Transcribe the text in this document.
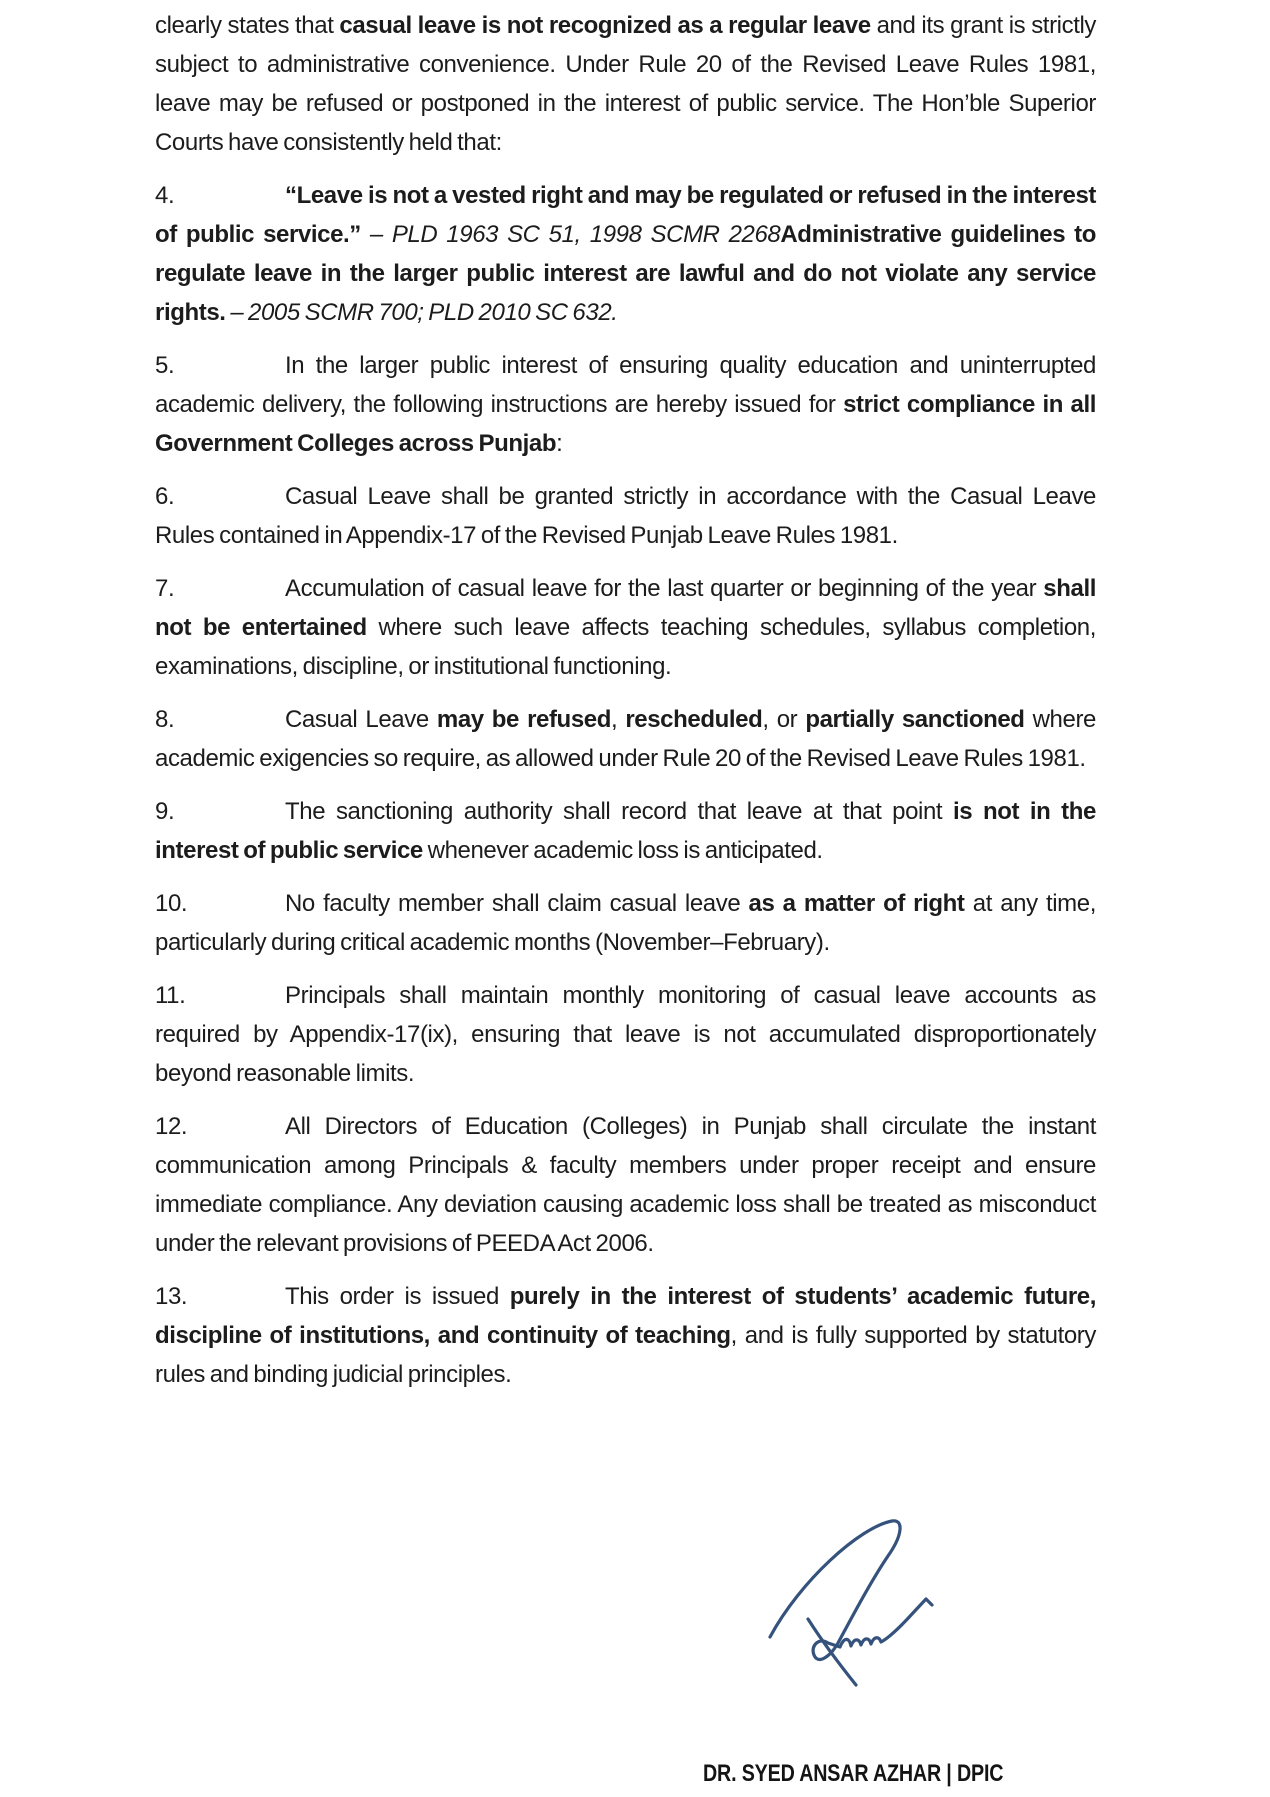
clearly states that casual leave is not recognized as a regular leave and its grant is strictly subject to administrative convenience. Under Rule 20 of the Revised Leave Rules 1981, leave may be refused or postponed in the interest of public service. The Hon’ble Superior Courts have consistently held that:
4.	“Leave is not a vested right and may be regulated or refused in the interest of public service.” – PLD 1963 SC 51, 1998 SCMR 2268Administrative guidelines to regulate leave in the larger public interest are lawful and do not violate any service rights. – 2005 SCMR 700; PLD 2010 SC 632.
5.	In the larger public interest of ensuring quality education and uninterrupted academic delivery, the following instructions are hereby issued for strict compliance in all Government Colleges across Punjab:
6.	Casual Leave shall be granted strictly in accordance with the Casual Leave Rules contained in Appendix-17 of the Revised Punjab Leave Rules 1981.
7.	Accumulation of casual leave for the last quarter or beginning of the year shall not be entertained where such leave affects teaching schedules, syllabus completion, examinations, discipline, or institutional functioning.
8.	Casual Leave may be refused, rescheduled, or partially sanctioned where academic exigencies so require, as allowed under Rule 20 of the Revised Leave Rules 1981.
9.	The sanctioning authority shall record that leave at that point is not in the interest of public service whenever academic loss is anticipated.
10.	No faculty member shall claim casual leave as a matter of right at any time, particularly during critical academic months (November–February).
11.	Principals shall maintain monthly monitoring of casual leave accounts as required by Appendix-17(ix), ensuring that leave is not accumulated disproportionately beyond reasonable limits.
12.	All Directors of Education (Colleges) in Punjab shall circulate the instant communication among Principals & faculty members under proper receipt and ensure immediate compliance. Any deviation causing academic loss shall be treated as misconduct under the relevant provisions of PEEDA Act 2006.
13.	This order is issued purely in the interest of students’ academic future, discipline of institutions, and continuity of teaching, and is fully supported by statutory rules and binding judicial principles.
DR. SYED ANSAR AZHAR | DPIC
